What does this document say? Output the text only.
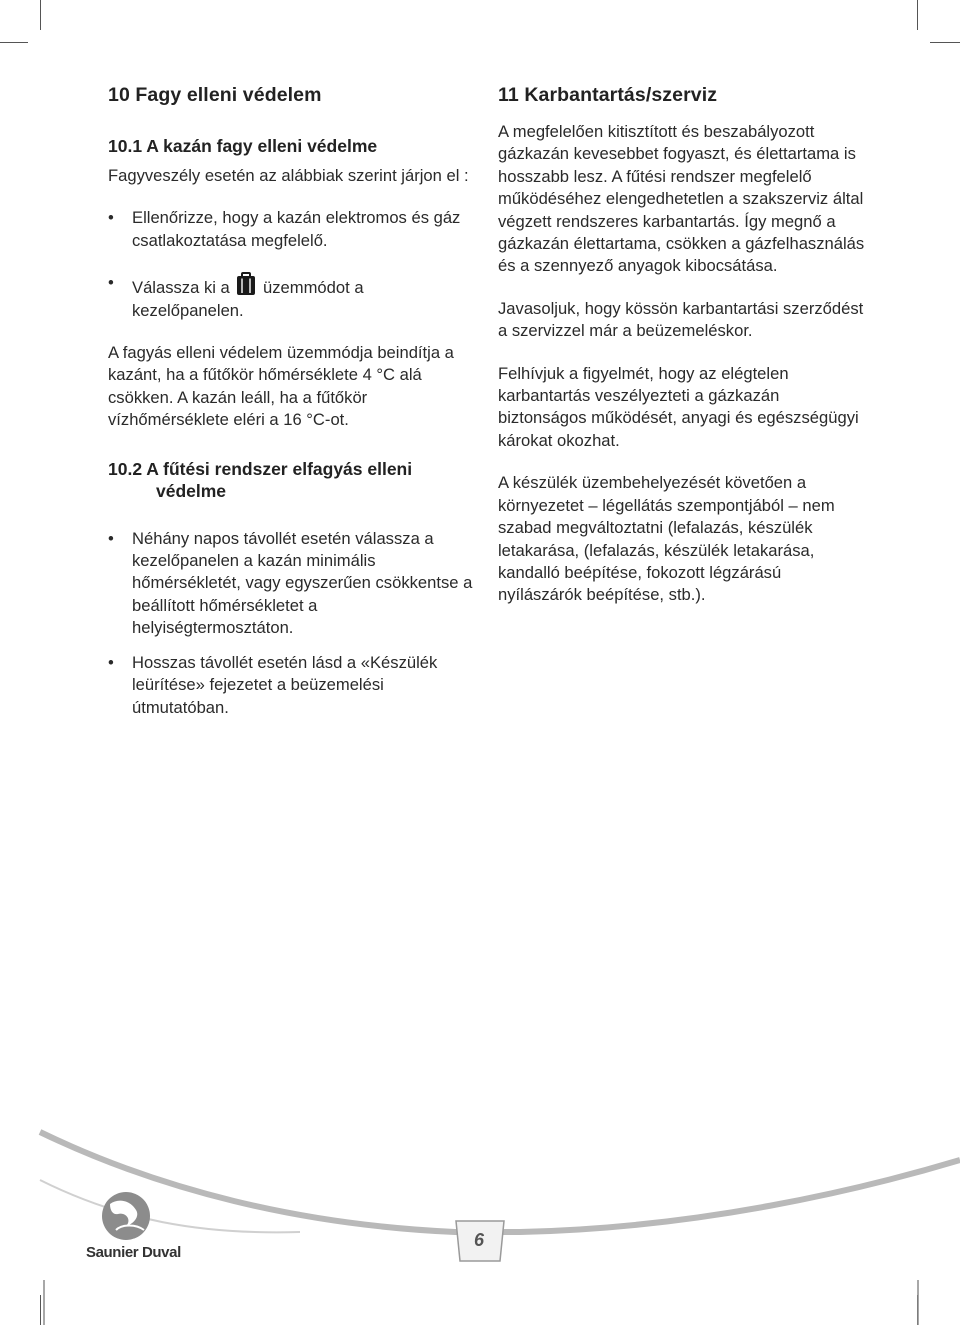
10 Fagy elleni védelem
10.1 A kazán fagy elleni védelme

Fagyveszély esetén az alábbiak szerint járjon el :

• Ellenőrizze, hogy a kazán elektromos és gáz csatlakoztatása megfelelő.
• Válassza ki a üzemmódot a kezelőpanelen.

A fagyás elleni védelem üzemmódja beindítja a kazánt, ha a fűtőkör hőmérséklete 4 °C alá csökken. A kazán leáll, ha a fűtőkör vízhőmérséklete eléri a 16 °C-ot.

10.2 A fűtési rendszer elfagyás elleni védelme
• Néhány napos távollét esetén válassza a kezelőpanelen a kazán minimális hőmérsékletét, vagy egyszerűen csökkentse a beállított hőmérsékletet a helyiségtermosztáton.
• Hosszas távollét esetén lásd a «Készülék leürítése» fejezetet a beüzemelési útmutatóban.
11 Karbantartás/szerviz

A megfelelően kitisztított és beszabályozott gázkazán kevesebbet fogyaszt, és élettartama is hosszabb lesz. A fűtési rendszer megfelelő működéséhez elengedhetetlen a szakszerviz által végzett rendszeres karbantartás. Így megnő a gázkazán élettartama, csökken a gázfelhasználás és a szennyező anyagok kibocsátása.

Javasoljuk, hogy kössön karbantartási szerződést a szervizzel már a beüzemeléskor.

Felhívjuk a figyelmét, hogy az elégtelen karbantartás veszélyezteti a gázkazán biztonságos működését, anyagi és egészségügyi károkat okozhat.

A készülék üzembehelyezését követően a környezetet – légellátás szempontjából – nem szabad megváltoztatni (lefalazás, készülék letakarása, (lefalazás, készülék letakarása, kandalló beépítése, fokozott légzárású nyílászárók beépítése, stb.).

6
Saunier Duval
